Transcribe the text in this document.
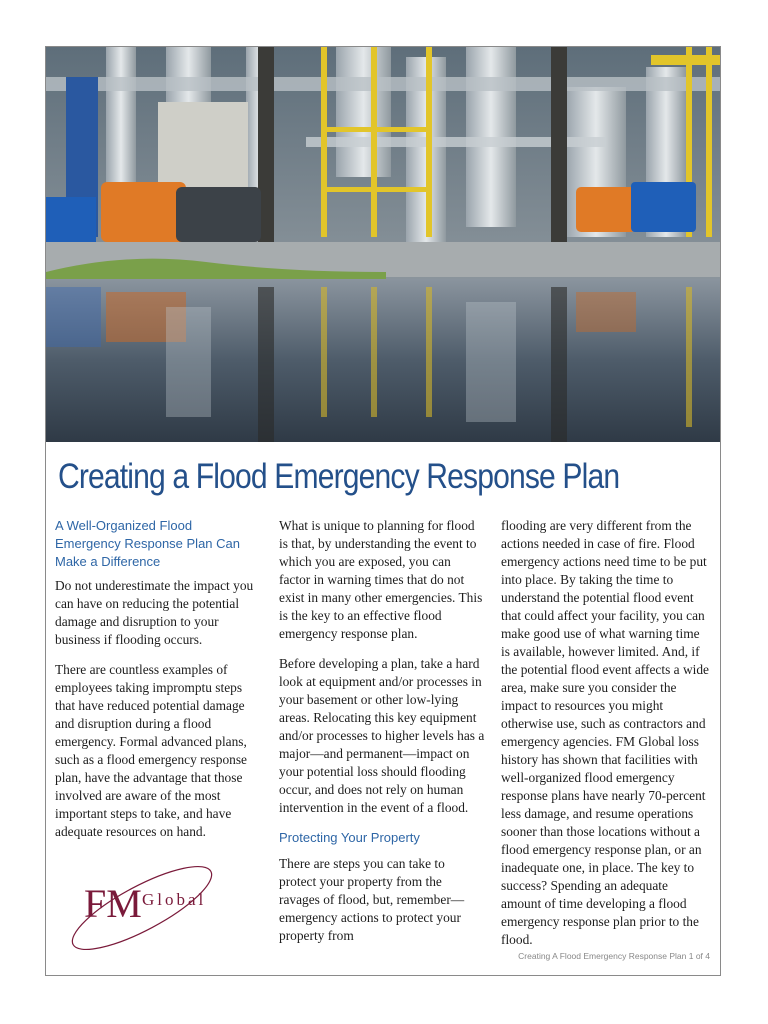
Creating a Flood Emergency Response Plan
A Well-Organized Flood Emergency Response Plan Can Make a Difference

Do not underestimate the impact you can have on reducing the potential damage and disruption to your business if flooding occurs.

There are countless examples of employees taking impromptu steps that have reduced potential damage and disruption during a flood emergency. Formal advanced plans, such as a flood emergency response plan, have the advantage that those involved are aware of the most important steps to take, and have adequate resources on hand.

What is unique to planning for flood is that, by understanding the event to which you are exposed, you can factor in warning times that do not exist in many other emergencies. This is the key to an effective flood emergency response plan.

Before developing a plan, take a hard look at equipment and/or processes in your basement or other low-lying areas. Relocating this key equipment and/or processes to higher levels has a major—and permanent—impact on your potential loss should flooding occur, and does not rely on human intervention in the event of a flood.

Protecting Your Property

There are steps you can take to protect your property from the ravages of flood, but, remember—emergency actions to protect your property from

flooding are very different from the actions needed in case of fire. Flood emergency actions need time to be put into place. By taking the time to understand the potential flood event that could affect your facility, you can make good use of what warning time is available, however limited. And, if the potential flood event affects a wide area, make sure you consider the impact to resources you might otherwise use, such as contractors and emergency agencies. FM Global loss history has shown that facilities with well-organized flood emergency response plans have nearly 70-percent less damage, and resume operations sooner than those locations without a flood emergency response plan, or an inadequate one, in place. The key to success? Spending an adequate amount of time developing a flood emergency response plan prior to the flood.

FM Global
Creating A Flood Emergency Response Plan 1 of 4
